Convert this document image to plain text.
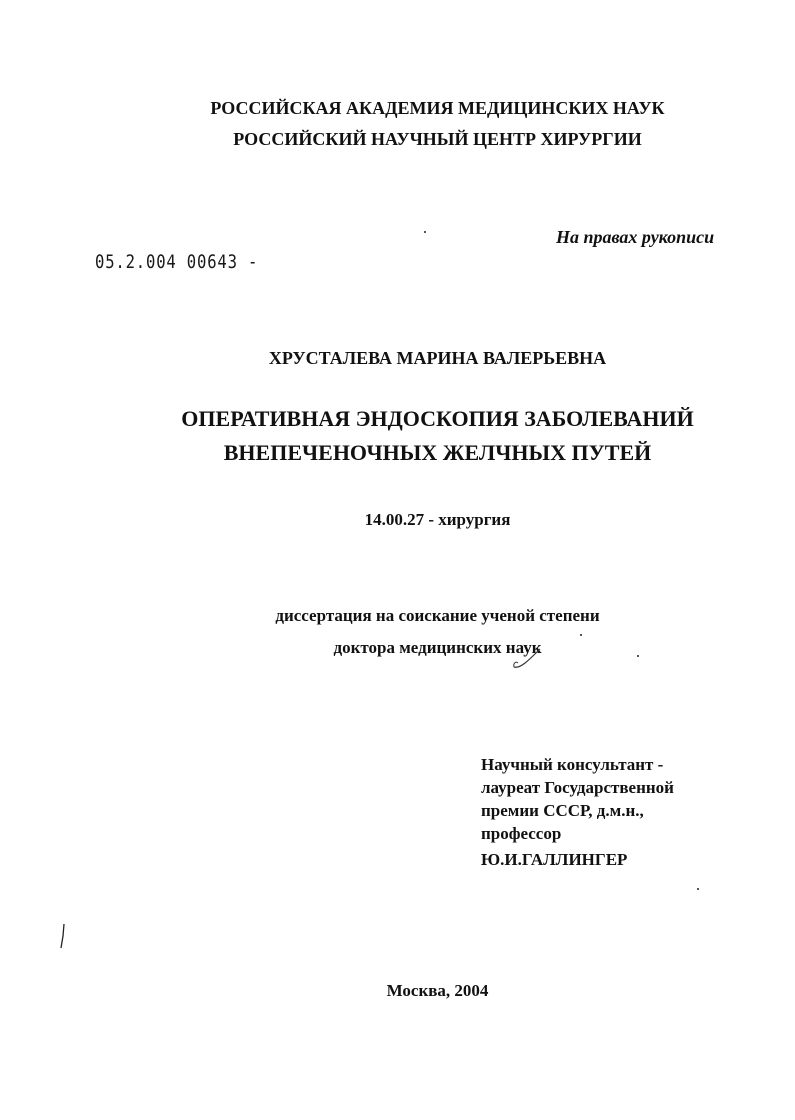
РОССИЙСКАЯ АКАДЕМИЯ МЕДИЦИНСКИХ НАУК
РОССИЙСКИЙ НАУЧНЫЙ ЦЕНТР ХИРУРГИИ
На правах рукописи
05.2.004 00643 -
ХРУСТАЛЕВА МАРИНА ВАЛЕРЬЕВНА
ОПЕРАТИВНАЯ ЭНДОСКОПИЯ ЗАБОЛЕВАНИЙ
ВНЕПЕЧЕНОЧНЫХ ЖЕЛЧНЫХ ПУТЕЙ
14.00.27 - хирургия
диссертация на соискание ученой степени
доктора медицинских наук
Научный консультант -
лауреат Государственной
премии СССР, д.м.н.,
профессор
Ю.И.ГАЛЛИНГЕР
Москва, 2004
